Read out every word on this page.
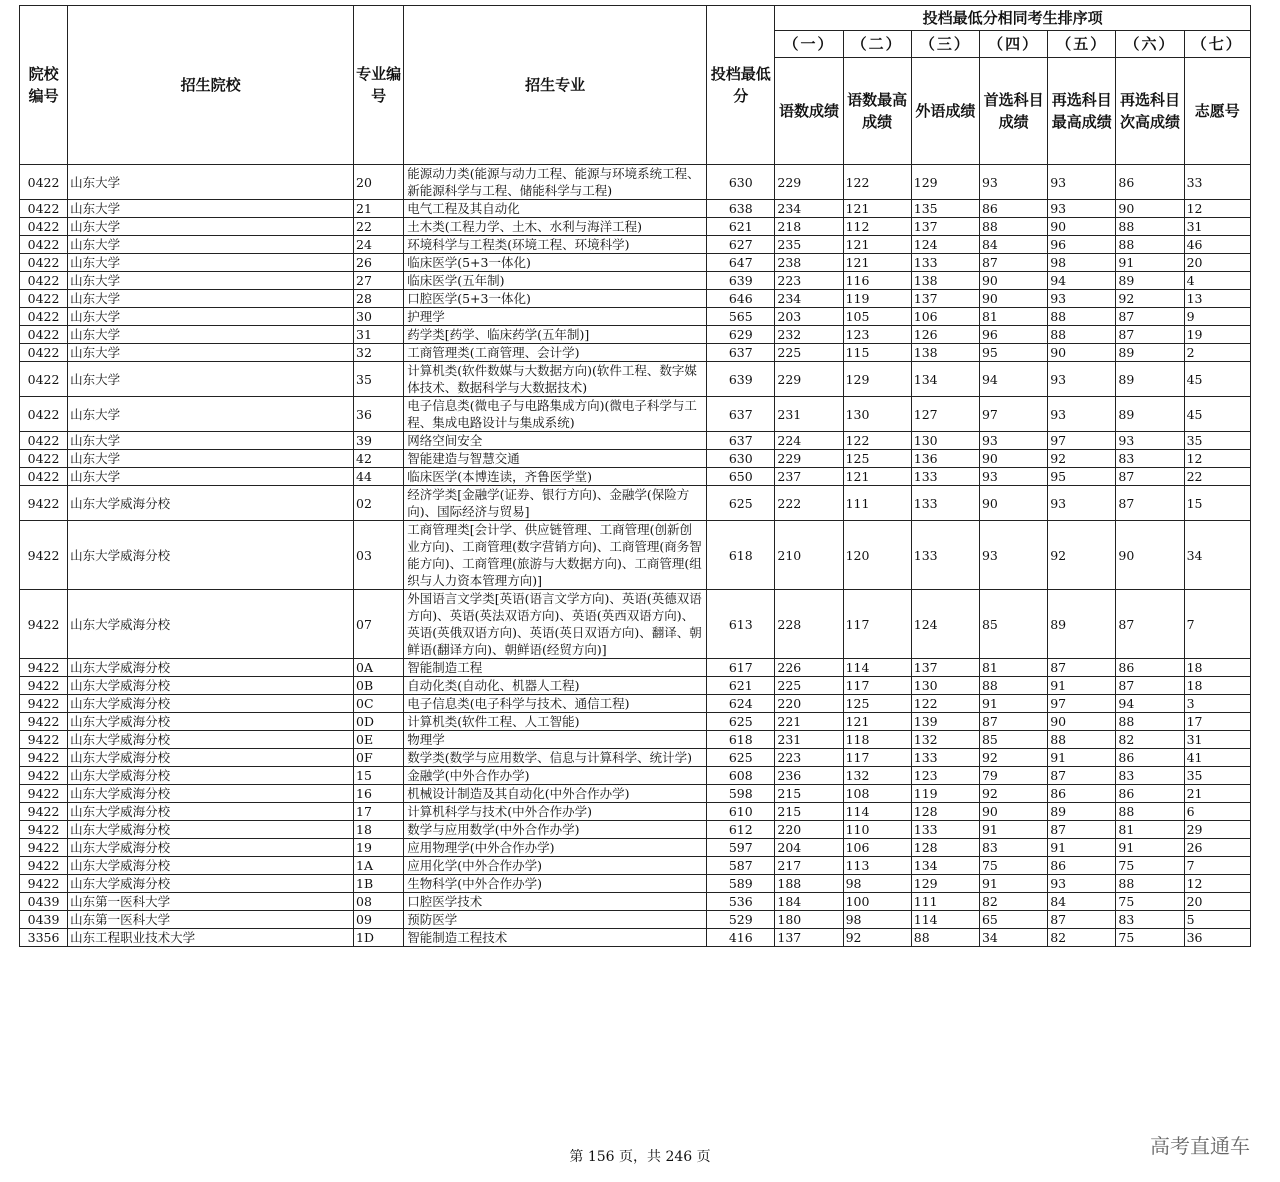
院校编号	招生院校	专业编号	招生专业	投档最低分	投档最低分相同考生排序项						
					（一）	（二）	（三）	（四）	（五）	（六）	（七）
					语数成绩	语数最高成绩	外语成绩	首选科目成绩	再选科目最高成绩	再选科目次高成绩	志愿号
0422	山东大学	20	能源动力类(能源与动力工程、能源与环境系统工程、新能源科学与工程、储能科学与工程)	630	229	122	129	93	93	86	33
0422	山东大学	21	电气工程及其自动化	638	234	121	135	86	93	90	12
0422	山东大学	22	土木类(工程力学、土木、水利与海洋工程)	621	218	112	137	88	90	88	31
0422	山东大学	24	环境科学与工程类(环境工程、环境科学)	627	235	121	124	84	96	88	46
0422	山东大学	26	临床医学(5+3一体化)	647	238	121	133	87	98	91	20
0422	山东大学	27	临床医学(五年制)	639	223	116	138	90	94	89	4
0422	山东大学	28	口腔医学(5+3一体化)	646	234	119	137	90	93	92	13
0422	山东大学	30	护理学	565	203	105	106	81	88	87	9
0422	山东大学	31	药学类[药学、临床药学(五年制)]	629	232	123	126	96	88	87	19
0422	山东大学	32	工商管理类(工商管理、会计学)	637	225	115	138	95	90	89	2
0422	山东大学	35	计算机类(软件数媒与大数据方向)(软件工程、数字媒体技术、数据科学与大数据技术)	639	229	129	134	94	93	89	45
0422	山东大学	36	电子信息类(微电子与电路集成方向)(微电子科学与工程、集成电路设计与集成系统)	637	231	130	127	97	93	89	45
0422	山东大学	39	网络空间安全	637	224	122	130	93	97	93	35
0422	山东大学	42	智能建造与智慧交通	630	229	125	136	90	92	83	12
0422	山东大学	44	临床医学(本博连读，齐鲁医学堂)	650	237	121	133	93	95	87	22
9422	山东大学威海分校	02	经济学类[金融学(证券、银行方向)、金融学(保险方向)、国际经济与贸易]	625	222	111	133	90	93	87	15
9422	山东大学威海分校	03	工商管理类[会计学、供应链管理、工商管理(创新创业方向)、工商管理(数字营销方向)、工商管理(商务智能方向)、工商管理(旅游与大数据方向)、工商管理(组织与人力资本管理方向)]	618	210	120	133	93	92	90	34
9422	山东大学威海分校	07	外国语言文学类[英语(语言文学方向)、英语(英德双语方向)、英语(英法双语方向)、英语(英西双语方向)、英语(英俄双语方向)、英语(英日双语方向)、翻译、朝鲜语(翻译方向)、朝鲜语(经贸方向)]	613	228	117	124	85	89	87	7
9422	山东大学威海分校	0A	智能制造工程	617	226	114	137	81	87	86	18
9422	山东大学威海分校	0B	自动化类(自动化、机器人工程)	621	225	117	130	88	91	87	18
9422	山东大学威海分校	0C	电子信息类(电子科学与技术、通信工程)	624	220	125	122	91	97	94	3
9422	山东大学威海分校	0D	计算机类(软件工程、人工智能)	625	221	121	139	87	90	88	17
9422	山东大学威海分校	0E	物理学	618	231	118	132	85	88	82	31
9422	山东大学威海分校	0F	数学类(数学与应用数学、信息与计算科学、统计学)	625	223	117	133	92	91	86	41
9422	山东大学威海分校	15	金融学(中外合作办学)	608	236	132	123	79	87	83	35
9422	山东大学威海分校	16	机械设计制造及其自动化(中外合作办学)	598	215	108	119	92	86	86	21
9422	山东大学威海分校	17	计算机科学与技术(中外合作办学)	610	215	114	128	90	89	88	6
9422	山东大学威海分校	18	数学与应用数学(中外合作办学)	612	220	110	133	91	87	81	29
9422	山东大学威海分校	19	应用物理学(中外合作办学)	597	204	106	128	83	91	91	26
9422	山东大学威海分校	1A	应用化学(中外合作办学)	587	217	113	134	75	86	75	7
9422	山东大学威海分校	1B	生物科学(中外合作办学)	589	188	98	129	91	93	88	12
0439	山东第一医科大学	08	口腔医学技术	536	184	100	111	82	84	75	20
0439	山东第一医科大学	09	预防医学	529	180	98	114	65	87	83	5
3356	山东工程职业技术大学	1D	智能制造工程技术	416	137	92	88	34	82	75	36
第 156 页，共 246 页	高考直通车
